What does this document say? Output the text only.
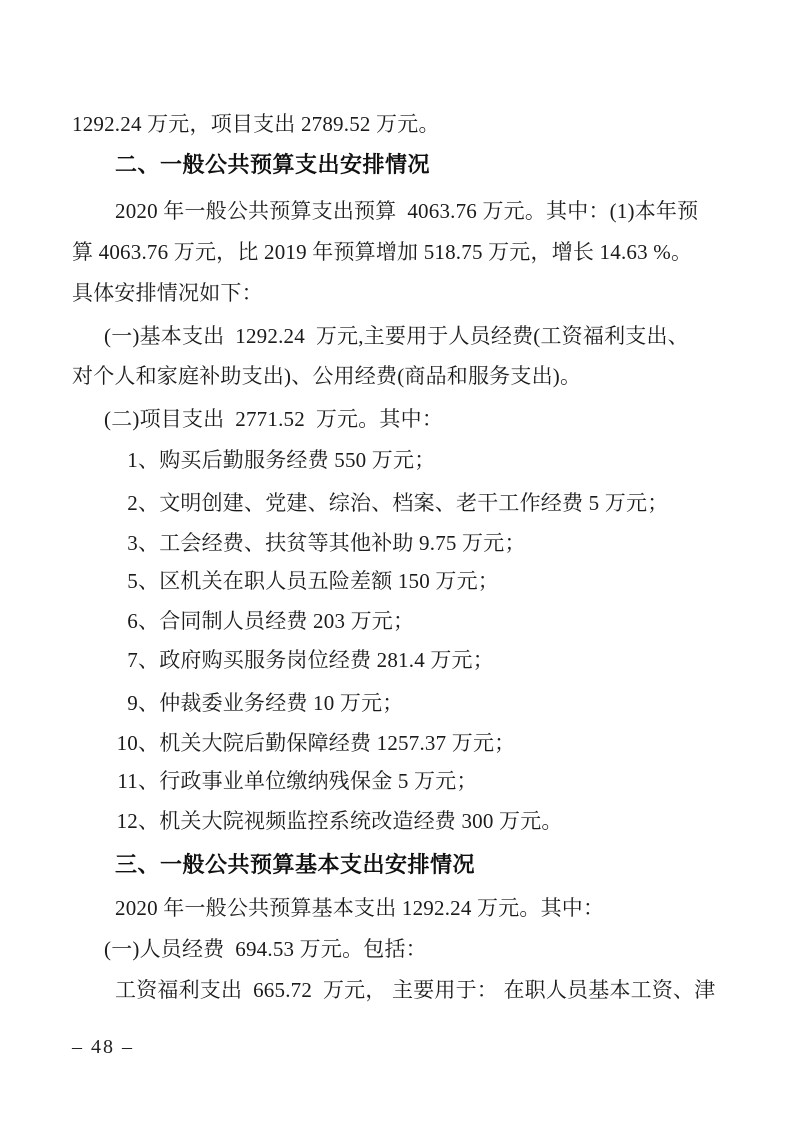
1292.24 万元，项目支出 2789.52 万元。
二、一般公共预算支出安排情况
2020 年一般公共预算支出预算  4063.76 万元。其中：(1)本年预
算 4063.76 万元，比 2019 年预算增加 518.75 万元，增长 14.63 %。
具体安排情况如下：
(一)基本支出  1292.24  万元,主要用于人员经费(工资福利支出、
对个人和家庭补助支出)、公用经费(商品和服务支出)。
(二)项目支出  2771.52  万元。其中：
1、购买后勤服务经费 550 万元；
2、文明创建、党建、综治、档案、老干工作经费 5 万元；
3、工会经费、扶贫等其他补助 9.75 万元；
5、区机关在职人员五险差额 150 万元；
6、合同制人员经费 203 万元；
7、政府购买服务岗位经费 281.4 万元；
9、仲裁委业务经费 10 万元；
10、机关大院后勤保障经费 1257.37 万元；
11、行政事业单位缴纳残保金 5 万元；
12、机关大院视频监控系统改造经费 300 万元。
三、一般公共预算基本支出安排情况
2020 年一般公共预算基本支出 1292.24 万元。其中：
(一)人员经费  694.53 万元。包括：
工资福利支出  665.72  万元， 主要用于： 在职人员基本工资、津
– 48 –
